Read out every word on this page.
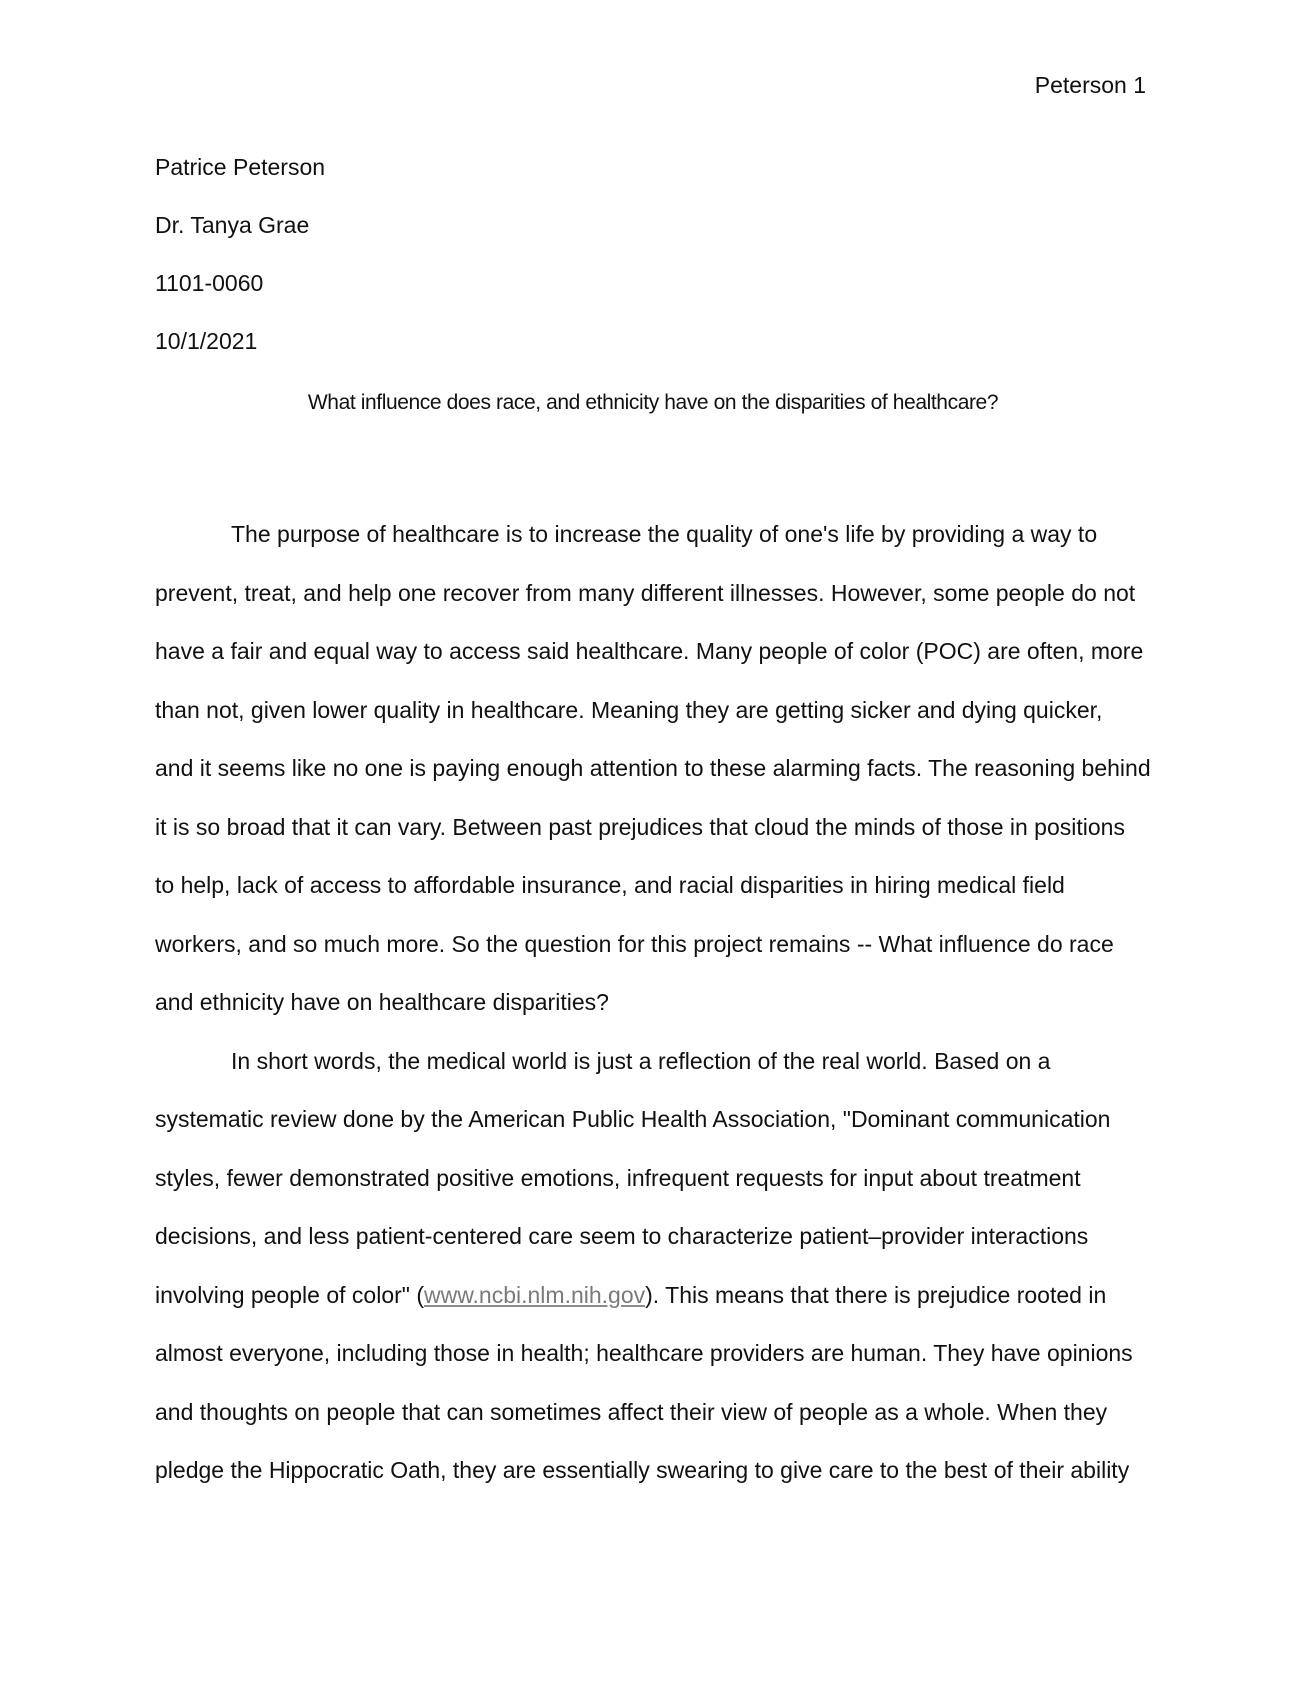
Peterson 1
Patrice Peterson
Dr. Tanya Grae
1101-0060
10/1/2021
What influence does race, and ethnicity have on the disparities of healthcare?
The purpose of healthcare is to increase the quality of one's life by providing a way to
prevent, treat, and help one recover from many different illnesses. However, some people do not
have a fair and equal way to access said healthcare. Many people of color (POC) are often, more
than not, given lower quality in healthcare. Meaning they are getting sicker and dying quicker,
and it seems like no one is paying enough attention to these alarming facts. The reasoning behind
it is so broad that it can vary. Between past prejudices that cloud the minds of those in positions
to help, lack of access to affordable insurance, and racial disparities in hiring medical field
workers, and so much more. So the question for this project remains -- What influence do race
and ethnicity have on healthcare disparities?
In short words, the medical world is just a reflection of the real world. Based on a
systematic review done by the American Public Health Association, "Dominant communication
styles, fewer demonstrated positive emotions, infrequent requests for input about treatment
decisions, and less patient-centered care seem to characterize patient–provider interactions
involving people of color" (www.ncbi.nlm.nih.gov). This means that there is prejudice rooted in
almost everyone, including those in health; healthcare providers are human. They have opinions
and thoughts on people that can sometimes affect their view of people as a whole. When they
pledge the Hippocratic Oath, they are essentially swearing to give care to the best of their ability
